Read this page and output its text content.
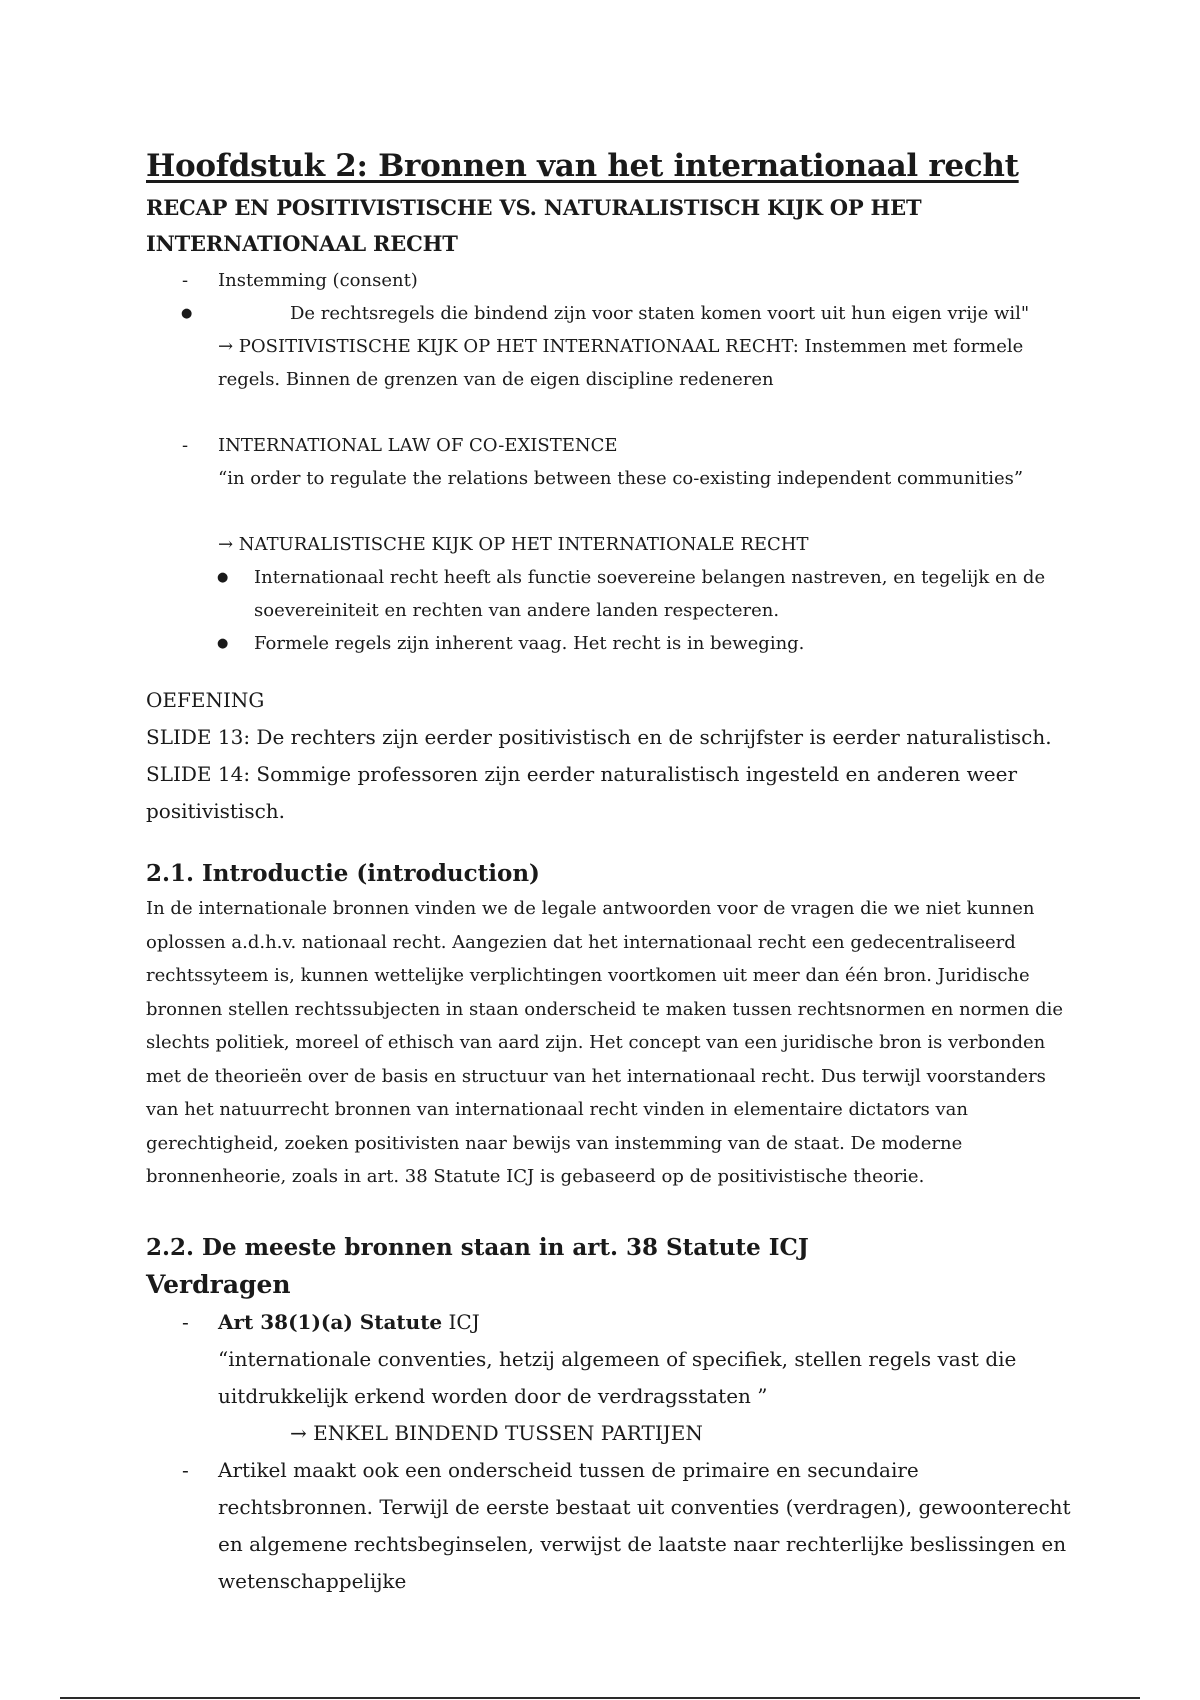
Hoofdstuk 2: Bronnen van het internationaal recht
RECAP EN POSITIVISTISCHE VS. NATURALISTISCH KIJK OP HET
INTERNATIONAAL RECHT
- Instemming (consent)
● De rechtsregels die bindend zijn voor staten komen voort uit hun eigen vrije wil"
→ POSITIVISTISCHE KIJK OP HET INTERNATIONAAL RECHT: Instemmen met formele
regels. Binnen de grenzen van de eigen discipline redeneren
- INTERNATIONAL LAW OF CO-EXISTENCE
“in order to regulate the relations between these co-existing independent communities”
→ NATURALISTISCHE KIJK OP HET INTERNATIONALE RECHT
● Internationaal recht heeft als functie soevereine belangen nastreven, en tegelijk en de soevereiniteit en rechten van andere landen respecteren.
● Formele regels zijn inherent vaag. Het recht is in beweging.
OEFENING
SLIDE 13: De rechters zijn eerder positivistisch en de schrijfster is eerder naturalistisch.
SLIDE 14: Sommige professoren zijn eerder naturalistisch ingesteld en anderen weer positivistisch.
2.1. Introductie (introduction)

In de internationale bronnen vinden we de legale antwoorden voor de vragen die we niet kunnen oplossen a.d.h.v. nationaal recht. Aangezien dat het internationaal recht een gedecentraliseerd rechtssyteem is, kunnen wettelijke verplichtingen voortkomen uit meer dan één bron. Juridische bronnen stellen rechtssubjecten in staan onderscheid te maken tussen rechtsnormen en normen die slechts politiek, moreel of ethisch van aard zijn. Het concept van een juridische bron is verbonden met de theorieën over de basis en structuur van het internationaal recht. Dus terwijl voorstanders van het natuurrecht bronnen van internationaal recht vinden in elementaire dictators van gerechtigheid, zoeken positivisten naar bewijs van instemming van de staat. De moderne bronnenheorie, zoals in art. 38 Statute ICJ is gebaseerd op de positivistische theorie.

2.2. De meeste bronnen staan in art. 38 Statute ICJ
Verdragen
- Art 38(1)(a) Statute ICJ
“internationale conventies, hetzij algemeen of specifiek, stellen regels vast die uitdrukkelijk erkend worden door de verdragsstaten ”
→ ENKEL BINDEND TUSSEN PARTIJEN
- Artikel maakt ook een onderscheid tussen de primaire en secundaire rechtsbronnen. Terwijl de eerste bestaat uit conventies (verdragen), gewoonterecht en algemene rechtsbeginselen, verwijst de laatste naar rechterlijke beslissingen en wetenschappelijke
